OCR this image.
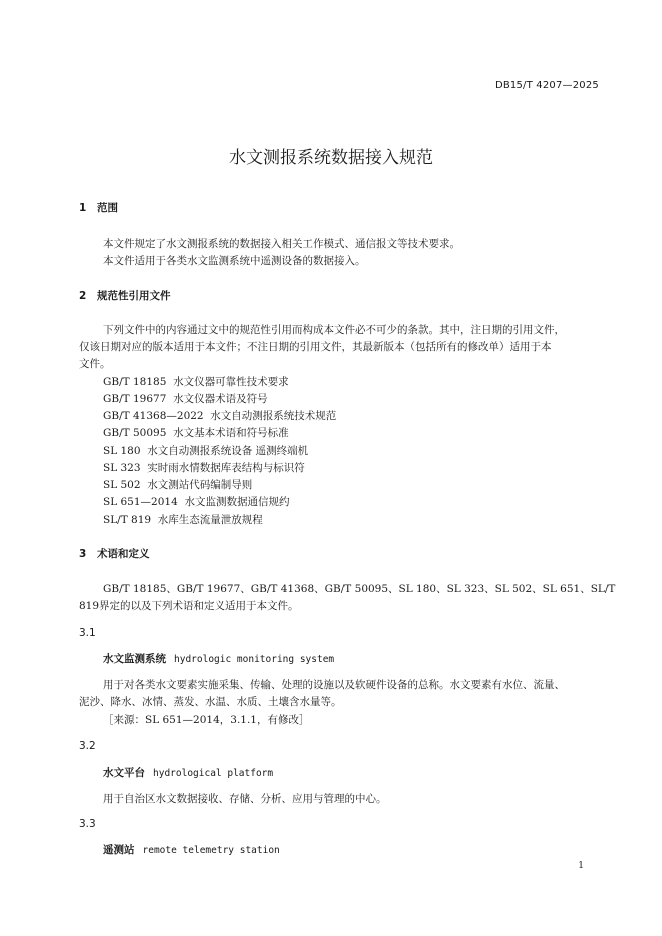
DB15/T 4207—2025
水文测报系统数据接入规范
1 范围
本文件规定了水文测报系统的数据接入相关工作模式、通信报文等技术要求。
本文件适用于各类水文监测系统中遥测设备的数据接入。
2 规范性引用文件
下列文件中的内容通过文中的规范性引用而构成本文件必不可少的条款。其中，注日期的引用文件，
仅该日期对应的版本适用于本文件；不注日期的引用文件，其最新版本（包括所有的修改单）适用于本
文件。
GB/T 18185 水文仪器可靠性技术要求
GB/T 19677 水文仪器术语及符号
GB/T 41368—2022 水文自动测报系统技术规范
GB/T 50095 水文基本术语和符号标准
SL 180 水文自动测报系统设备 遥测终端机
SL 323 实时雨水情数据库表结构与标识符
SL 502 水文测站代码编制导则
SL 651—2014 水文监测数据通信规约
SL/T 819 水库生态流量泄放规程
3 术语和定义
GB/T 18185、GB/T 19677、GB/T 41368、GB/T 50095、SL 180、SL 323、SL 502、SL 651、SL/T
819界定的以及下列术语和定义适用于本文件。
3.1
水文监测系统 hydrologic monitoring system
用于对各类水文要素实施采集、传输、处理的设施以及软硬件设备的总称。水文要素有水位、流量、
泥沙、降水、冰情、蒸发、水温、水质、土壤含水量等。
［来源：SL 651—2014，3.1.1，有修改］
3.2
水文平台 hydrological platform
用于自治区水文数据接收、存储、分析、应用与管理的中心。
3.3
遥测站 remote telemetry station
1
